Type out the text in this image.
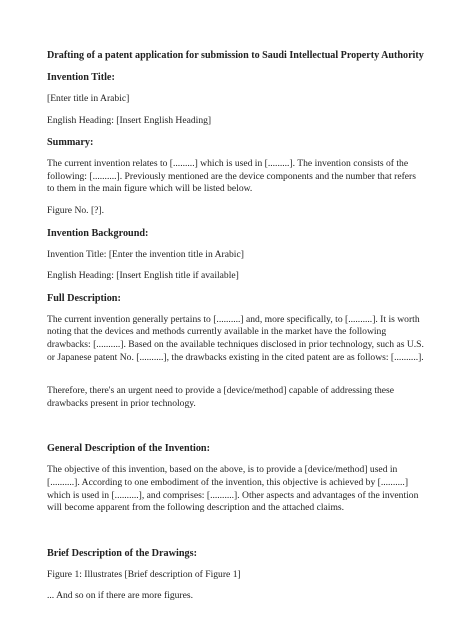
Drafting of a patent application for submission to Saudi Intellectual Property Authority
Invention Title:
[Enter title in Arabic]
English Heading: [Insert English Heading]
Summary:
The current invention relates to [.........] which is used in [.........]. The invention consists of the following: [..........]. Previously mentioned are the device components and the number that refers to them in the main figure which will be listed below.
Figure No. [?].
Invention Background:
Invention Title: [Enter the invention title in Arabic]
English Heading: [Insert English title if available]
Full Description:
The current invention generally pertains to [..........] and, more specifically, to [..........]. It is worth noting that the devices and methods currently available in the market have the following drawbacks: [..........]. Based on the available techniques disclosed in prior technology, such as U.S. or Japanese patent No. [..........], the drawbacks existing in the cited patent are as follows: [..........].
Therefore, there's an urgent need to provide a [device/method] capable of addressing these drawbacks present in prior technology.
General Description of the Invention:
The objective of this invention, based on the above, is to provide a [device/method] used in [..........]. According to one embodiment of the invention, this objective is achieved by [..........] which is used in [..........], and comprises: [..........]. Other aspects and advantages of the invention will become apparent from the following description and the attached claims.
Brief Description of the Drawings:
Figure 1: Illustrates [Brief description of Figure 1]
... And so on if there are more figures.
